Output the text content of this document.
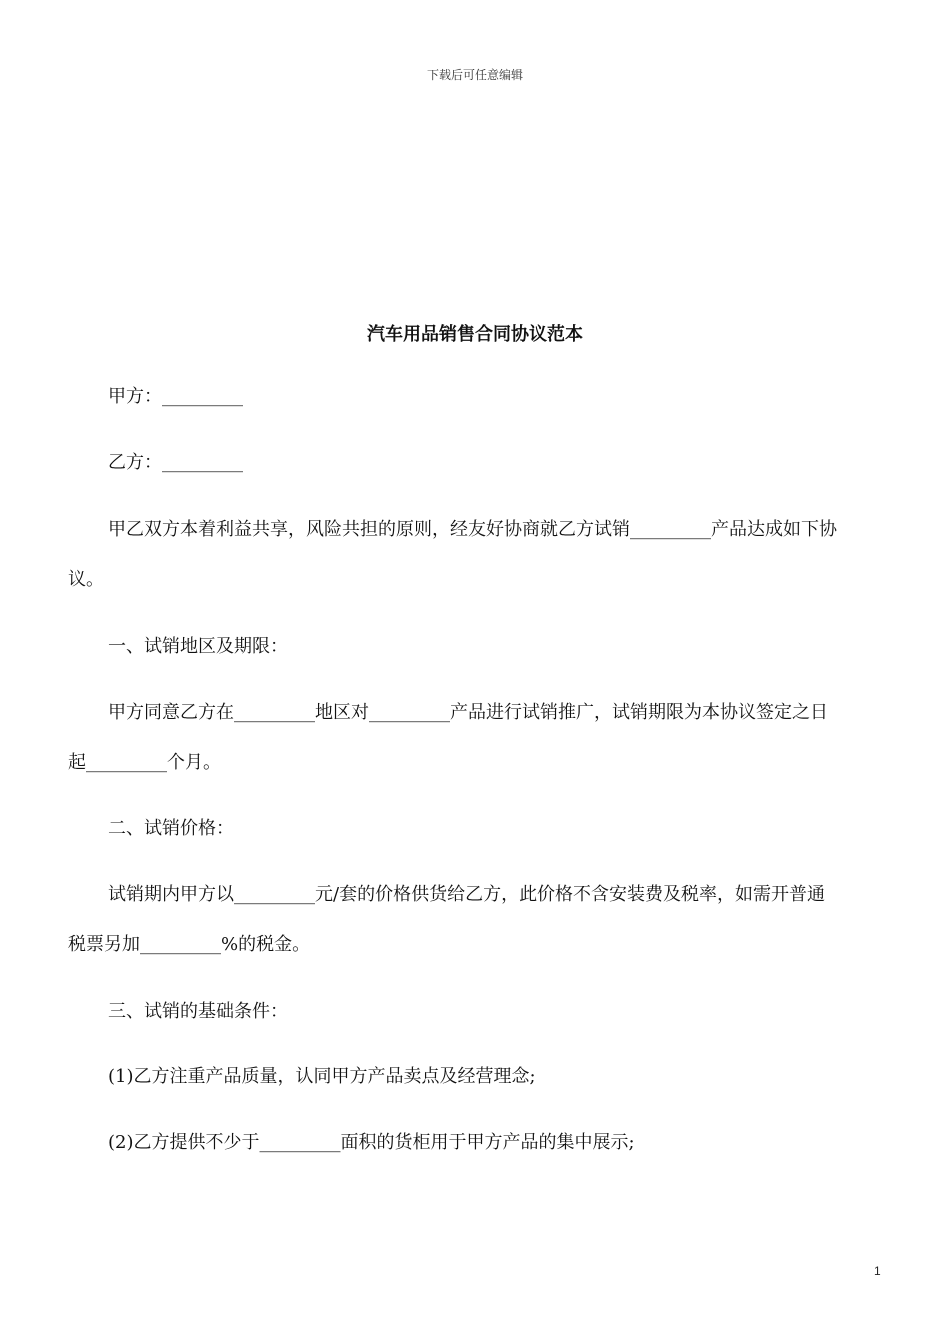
下载后可任意编辑
汽车用品销售合同协议范本

甲方：_________

乙方：_________

甲乙双方本着利益共享，风险共担的原则，经友好协商就乙方试销_________产品达成如下协

议。

一、试销地区及期限：

甲方同意乙方在_________地区对_________产品进行试销推广，试销期限为本协议签定之日

起_________个月。

二、试销价格：

试销期内甲方以_________元/套的价格供货给乙方，此价格不含安装费及税率，如需开普通

税票另加_________%的税金。

三、试销的基础条件：

(1)乙方注重产品质量，认同甲方产品卖点及经营理念;

(2)乙方提供不少于_________面积的货柜用于甲方产品的集中展示;

1
